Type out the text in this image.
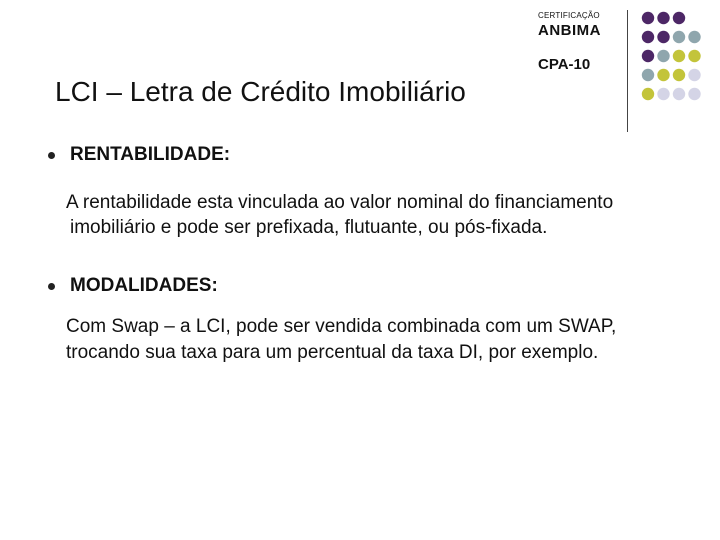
CERTIFICAÇÃO
ANBIMA
CPA-10
LCI – Letra de Crédito Imobiliário
RENTABILIDADE:
A rentabilidade esta vinculada ao valor nominal do financiamento
imobiliário e pode ser prefixada, flutuante, ou pós-fixada.
MODALIDADES:
Com Swap – a LCI, pode ser vendida combinada com um SWAP,
trocando sua taxa para um percentual da taxa DI, por exemplo.
